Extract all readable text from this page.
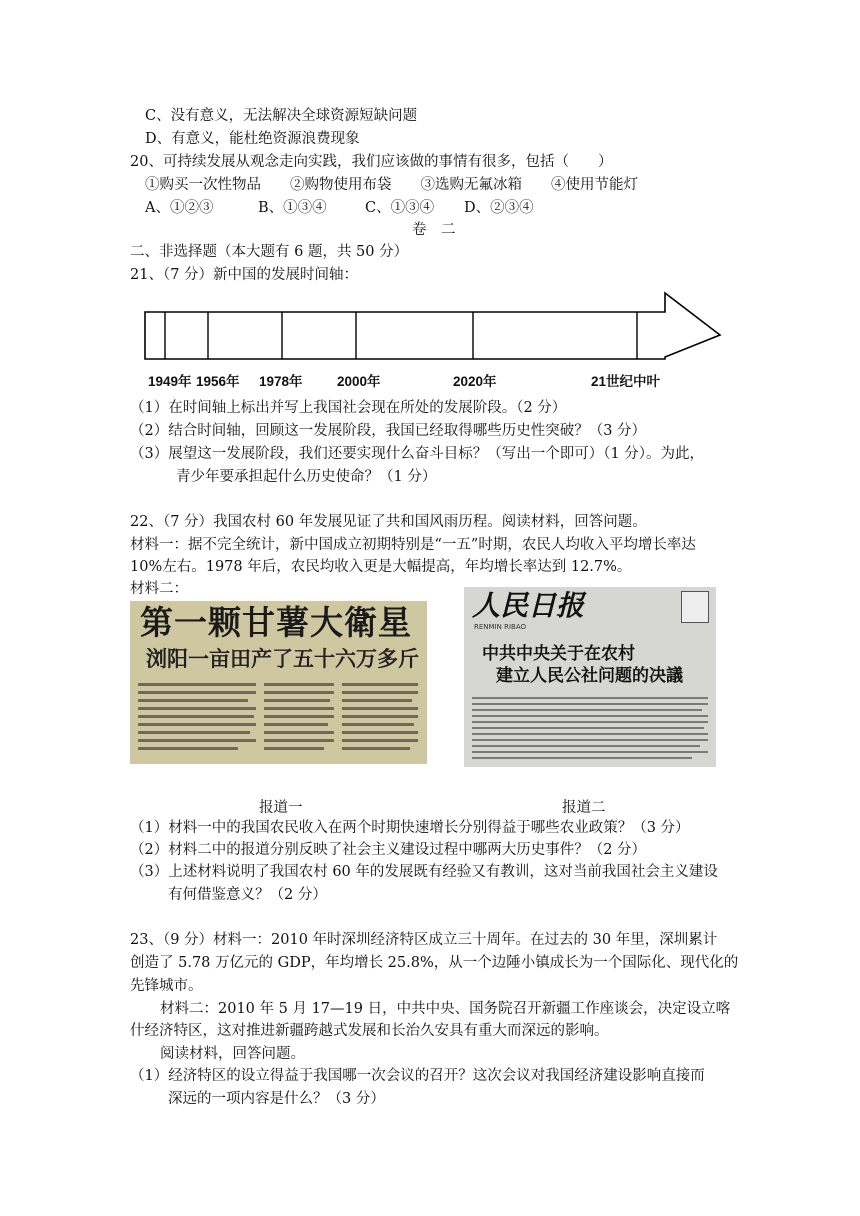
C、没有意义，无法解决全球资源短缺问题
D、有意义，能杜绝资源浪费现象
20、可持续发展从观念走向实践，我们应该做的事情有很多，包括（　　）
①购买一次性物品　　②购物使用布袋　　③选购无氟冰箱　　④使用节能灯
A、①②③	B、①③④	C、①③④ D、②③④
卷　二
二、非选择题（本大题有 6 题，共 50 分）
21、（7 分）新中国的发展时间轴：
1949年 1956年 1978年	2000年	2020年	21世纪中叶
（1）在时间轴上标出并写上我国社会现在所处的发展阶段。（2 分）
（2）结合时间轴，回顾这一发展阶段，我国已经取得哪些历史性突破？（3 分）
（3）展望这一发展阶段，我们还要实现什么奋斗目标？（写出一个即可）（1 分）。为此，
青少年要承担起什么历史使命？（1 分）
22、（7 分）我国农村 60 年发展见证了共和国风雨历程。阅读材料，回答问题。
材料一：据不完全统计，新中国成立初期特别是“一五”时期，农民人均收入平均增长率达
10%左右。1978 年后，农民均收入更是大幅提高，年均增长率达到 12.7%。
材料二：
第一颗甘薯大衛星
浏阳一亩田产了五十六万多斤
人民日报
RENMIN RIBAO
中共中央关于在农村
建立人民公社问题的决議
报道一	报道二
（1）材料一中的我国农民收入在两个时期快速增长分别得益于哪些农业政策？（3 分）
（2）材料二中的报道分别反映了社会主义建设过程中哪两大历史事件？（2 分）
（3）上述材料说明了我国农村 60 年的发展既有经验又有教训，这对当前我国社会主义建设
有何借鉴意义？（2 分）
23、（9 分）材料一：2010 年时深圳经济特区成立三十周年。在过去的 30 年里，深圳累计
创造了 5.78 万亿元的 GDP，年均增长 25.8%，从一个边陲小镇成长为一个国际化、现代化的
先锋城市。
材料二：2010 年 5 月 17—19 日，中共中央、国务院召开新疆工作座谈会，决定设立喀
什经济特区，这对推进新疆跨越式发展和长治久安具有重大而深远的影响。
阅读材料，回答问题。
（1）经济特区的设立得益于我国哪一次会议的召开？这次会议对我国经济建设影响直接而
深远的一项内容是什么？（3 分）
